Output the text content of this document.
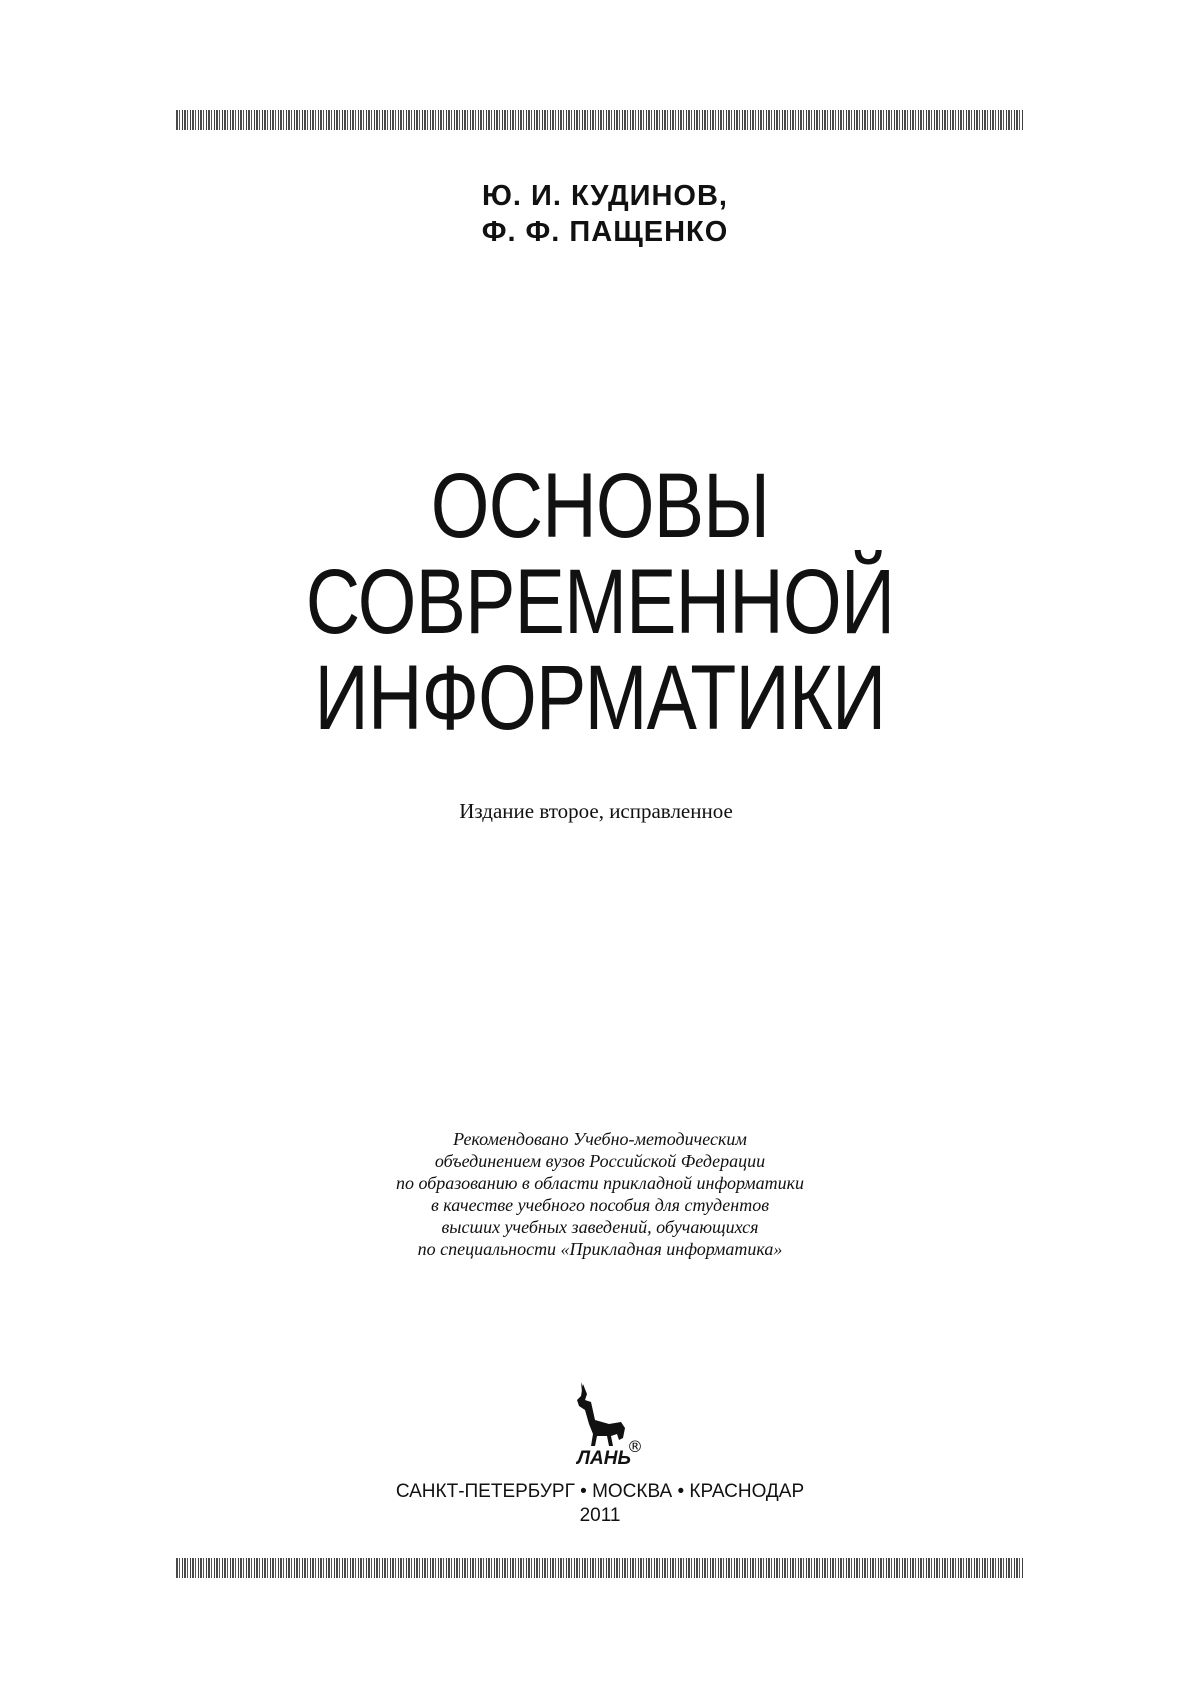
Ю. И. КУДИНОВ,
Ф. Ф. ПАЩЕНКО
ОСНОВЫ
СОВРЕМЕННОЙ
ИНФОРМАТИКИ
Издание второе, исправленное
Рекомендовано Учебно-методическим
объединением вузов Российской Федерации
по образованию в области прикладной информатики
в качестве учебного пособия для студентов
высших учебных заведений, обучающихся
по специальности «Прикладная информатика»
ЛАНЬ
®
САНКТ-ПЕТЕРБУРГ • МОСКВА • КРАСНОДАР
2011
